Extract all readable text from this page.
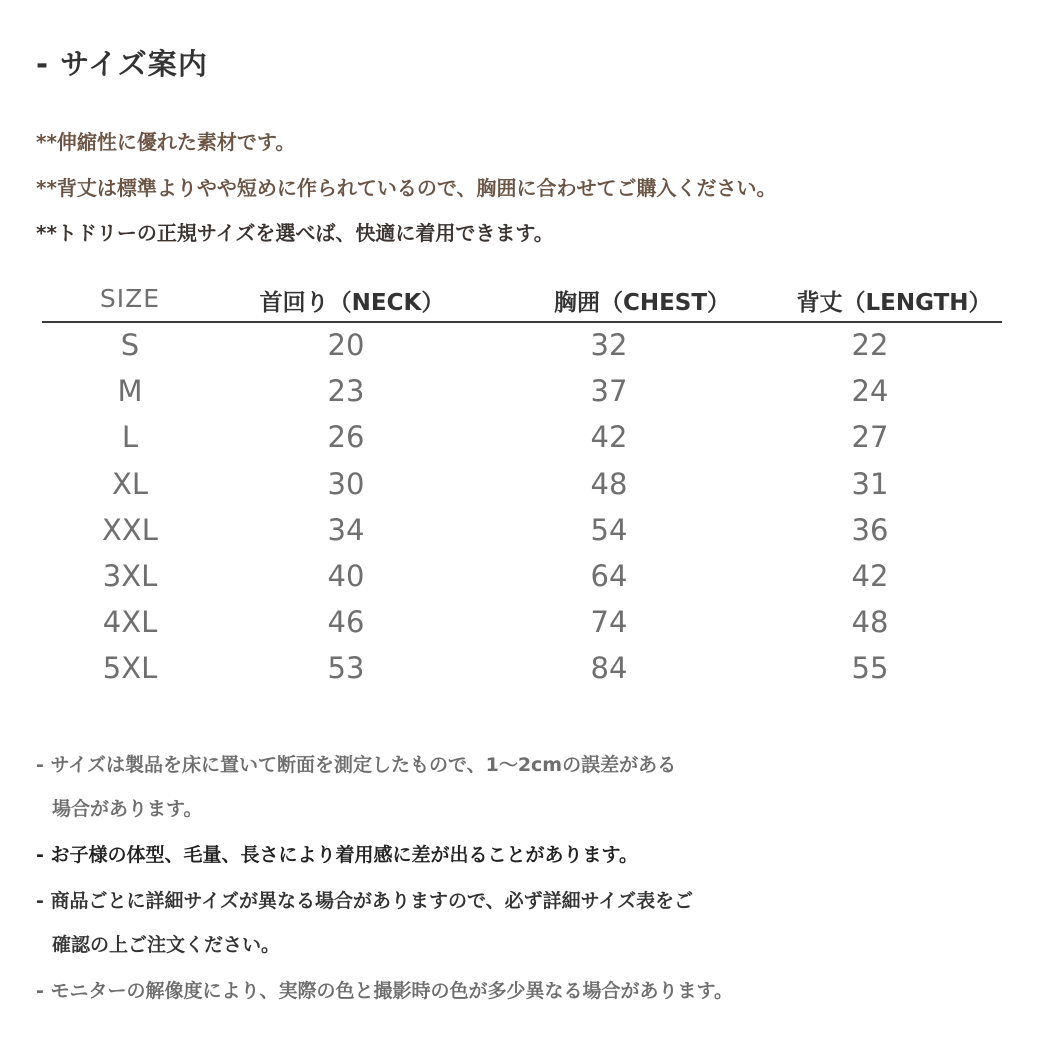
- サイズ案内
**伸縮性に優れた素材です。
**背丈は標準よりやや短めに作られているので、胸囲に合わせてご購入ください。
**トドリーの正規サイズを選べば、快適に着用できます。
SIZE	首回り（NECK）	胸囲（CHEST）	背丈（LENGTH）
S	20	32	22
M	23	37	24
L	26	42	27
XL	30	48	31
XXL	34	54	36
3XL	40	64	42
4XL	46	74	48
5XL	53	84	55
- サイズは製品を床に置いて断面を測定したもので、1～2cmの誤差がある
場合があります。
- お子様の体型、毛量、長さにより着用感に差が出ることがあります。
- 商品ごとに詳細サイズが異なる場合がありますので、必ず詳細サイズ表をご
確認の上ご注文ください。
- モニターの解像度により、実際の色と撮影時の色が多少異なる場合があります。
